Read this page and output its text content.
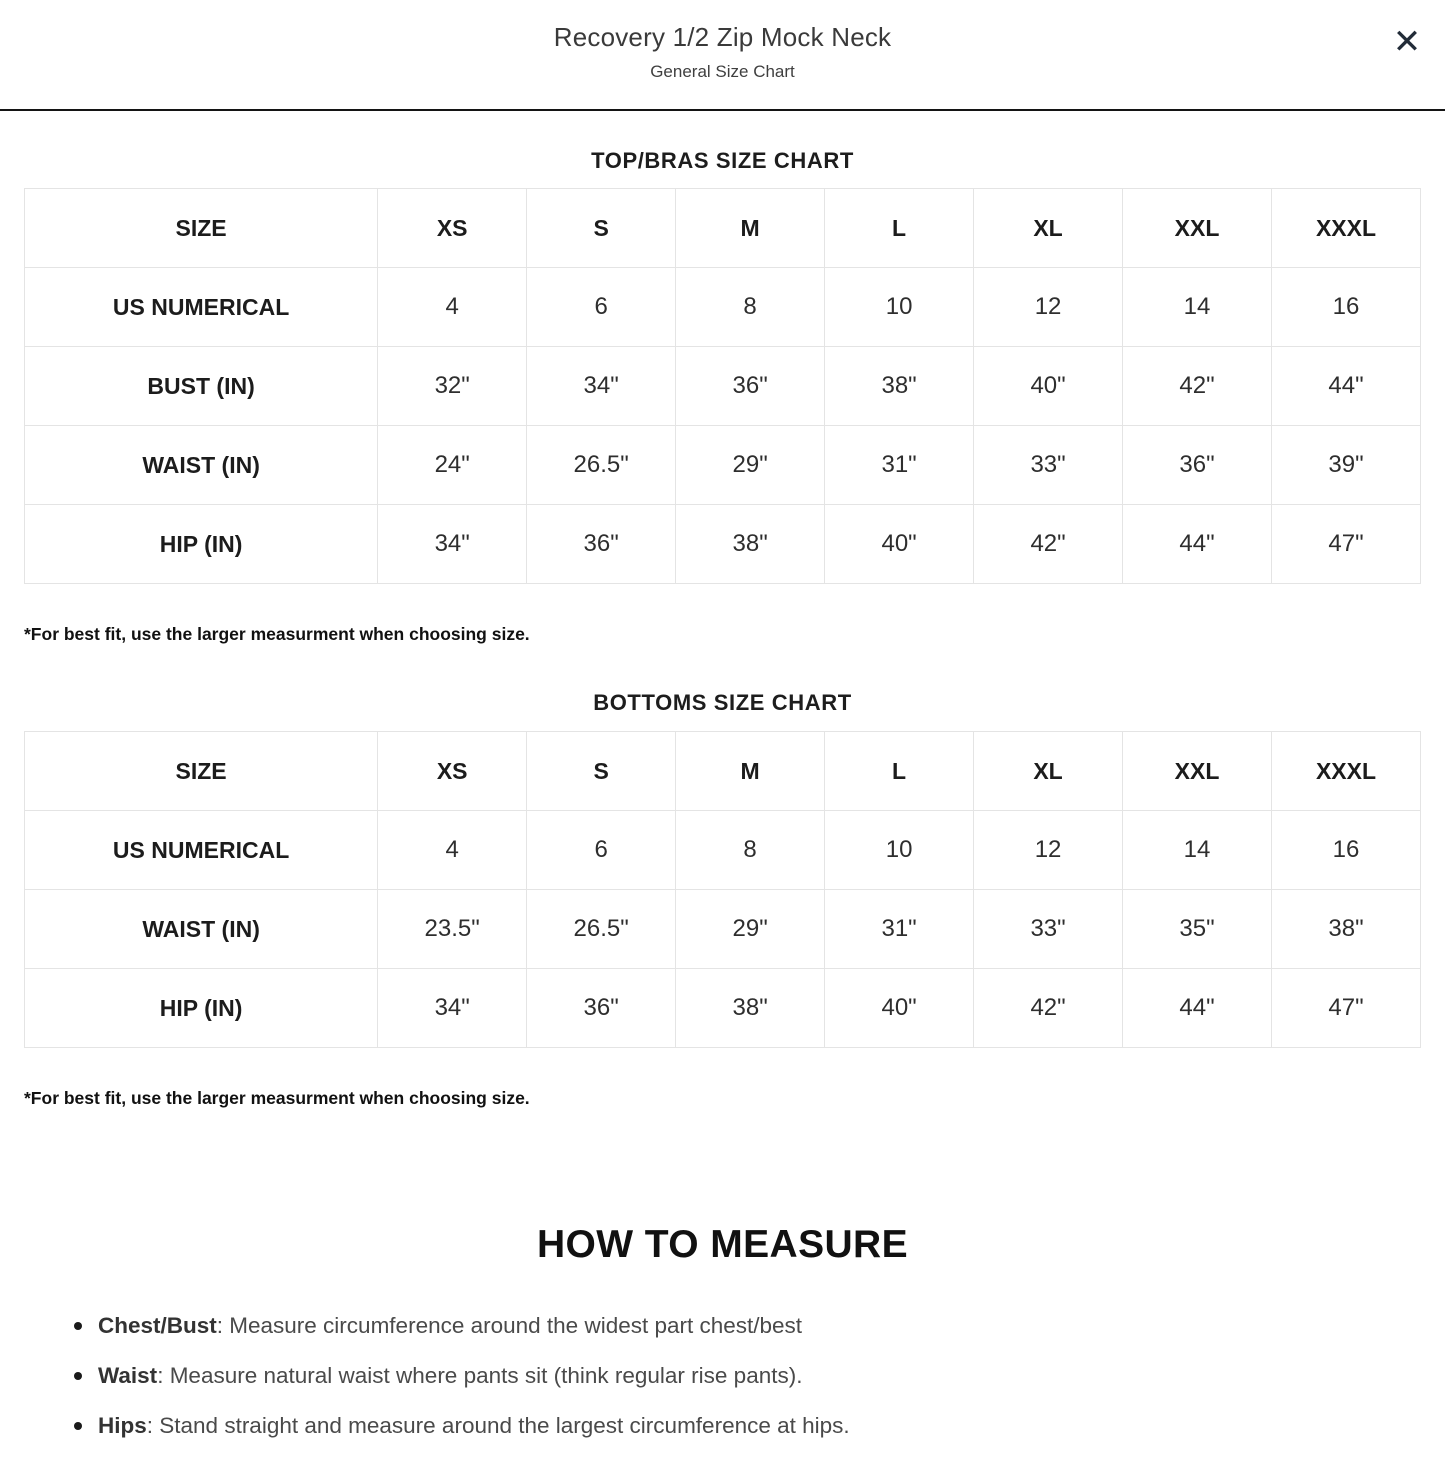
Recovery 1/2 Zip Mock Neck
General Size Chart
✕
TOP/BRAS SIZE CHART
SIZE	XS	S	M	L	XL	XXL	XXXL
US NUMERICAL	4	6	8	10	12	14	16
BUST (IN)	32"	34"	36"	38"	40"	42"	44"
WAIST (IN)	24"	26.5"	29"	31"	33"	36"	39"
HIP (IN)	34"	36"	38"	40"	42"	44"	47"
*For best fit, use the larger measurment when choosing size.
BOTTOMS SIZE CHART
SIZE	XS	S	M	L	XL	XXL	XXXL
US NUMERICAL	4	6	8	10	12	14	16
WAIST (IN)	23.5"	26.5"	29"	31"	33"	35"	38"
HIP (IN)	34"	36"	38"	40"	42"	44"	47"
*For best fit, use the larger measurment when choosing size.
HOW TO MEASURE
Chest/Bust: Measure circumference around the widest part chest/best
Waist: Measure natural waist where pants sit (think regular rise pants).
Hips: Stand straight and measure around the largest circumference at hips.
